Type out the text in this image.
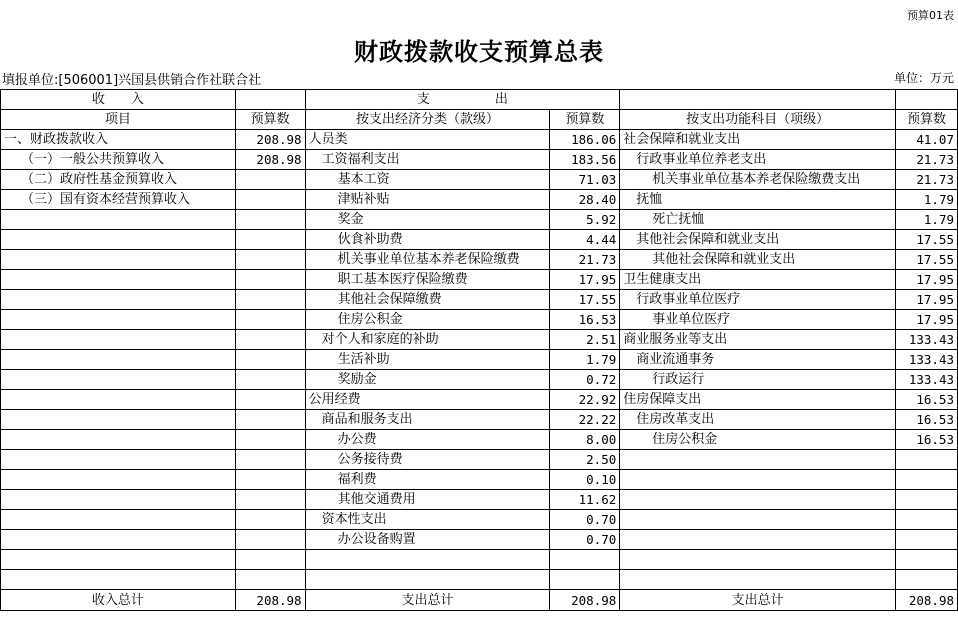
预算01表
财政拨款收支预算总表
填报单位:[506001]兴国县供销合作社联合社	单位：万元
收　　入		支　　　　　出			
项目	预算数	按支出经济分类（款级）	预算数	按支出功能科目（项级）	预算数
一、财政拨款收入	208.98	人员类	186.06	社会保障和就业支出	41.07
（一）一般公共预算收入	208.98	工资福利支出	183.56	行政事业单位养老支出	21.73
（二）政府性基金预算收入		基本工资	71.03	机关事业单位基本养老保险缴费支出	21.73
（三）国有资本经营预算收入		津贴补贴	28.40	抚恤	1.79
		奖金	5.92	死亡抚恤	1.79
		伙食补助费	4.44	其他社会保障和就业支出	17.55
		机关事业单位基本养老保险缴费	21.73	其他社会保障和就业支出	17.55
		职工基本医疗保险缴费	17.95	卫生健康支出	17.95
		其他社会保障缴费	17.55	行政事业单位医疗	17.95
		住房公积金	16.53	事业单位医疗	17.95
		对个人和家庭的补助	2.51	商业服务业等支出	133.43
		生活补助	1.79	商业流通事务	133.43
		奖励金	0.72	行政运行	133.43
		公用经费	22.92	住房保障支出	16.53
		商品和服务支出	22.22	住房改革支出	16.53
		办公费	8.00	住房公积金	16.53
		公务接待费	2.50		
		福利费	0.10		
		其他交通费用	11.62		
		资本性支出	0.70		
		办公设备购置	0.70		

收入总计	208.98	支出总计	208.98	支出总计	208.98
